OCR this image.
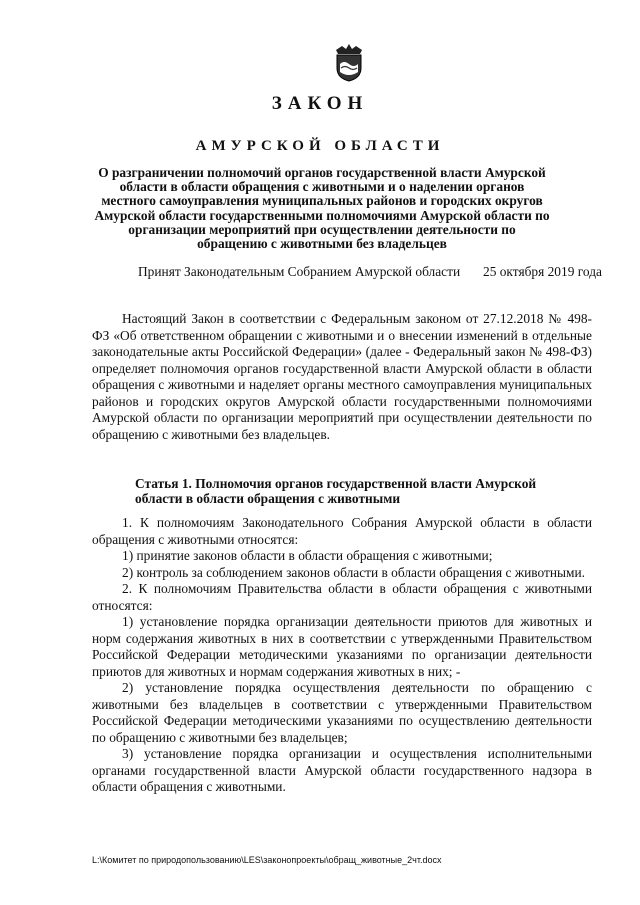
ЗАКОН
АМУРСКОЙ ОБЛАСТИ
О разграничении полномочий органов государственной власти Амурской области в области обращения с животными и о наделении органов местного самоуправления муниципальных районов и городских округов Амурской области государственными полномочиями Амурской области по организации мероприятий при осуществлении деятельности по обращению с животными без владельцев
Принят Законодательным Собранием Амурской области 25 октября 2019 года

Настоящий Закон в соответствии с Федеральным законом от 27.12.2018 № 498-ФЗ «Об ответственном обращении с животными и о внесении изменений в отдельные законодательные акты Российской Федерации» (далее - Федеральный закон № 498-ФЗ) определяет полномочия органов государственной власти Амурской области в области обращения с животными и наделяет органы местного самоуправления муниципальных районов и городских округов Амурской области государственными полномочиями Амурской области по организации мероприятий при осуществлении деятельности по обращению с животными без владельцев.

Статья 1. Полномочия органов государственной власти Амурской области в области обращения с животными

1. К полномочиям Законодательного Собрания Амурской области в области обращения с животными относятся:

1) принятие законов области в области обращения с животными;

2) контроль за соблюдением законов области в области обращения с животными.

2. К полномочиям Правительства области в области обращения с животными относятся:

1) установление порядка организации деятельности приютов для животных и норм содержания животных в них в соответствии с утвержденными Правительством Российской Федерации методическими указаниями по организации деятельности приютов для животных и нормам содержания животных в них; -

2) установление порядка осуществления деятельности по обращению с животными без владельцев в соответствии с утвержденными Правительством Российской Федерации методическими указаниями по осуществлению деятельности по обращению с животными без владельцев;

3) установление порядка организации и осуществления исполнительными органами государственной власти Амурской области государственного надзора в области обращения с животными.

L:\Комитет по природопользованию\LES\законопроекты\обращ_животные_2чт.docx
